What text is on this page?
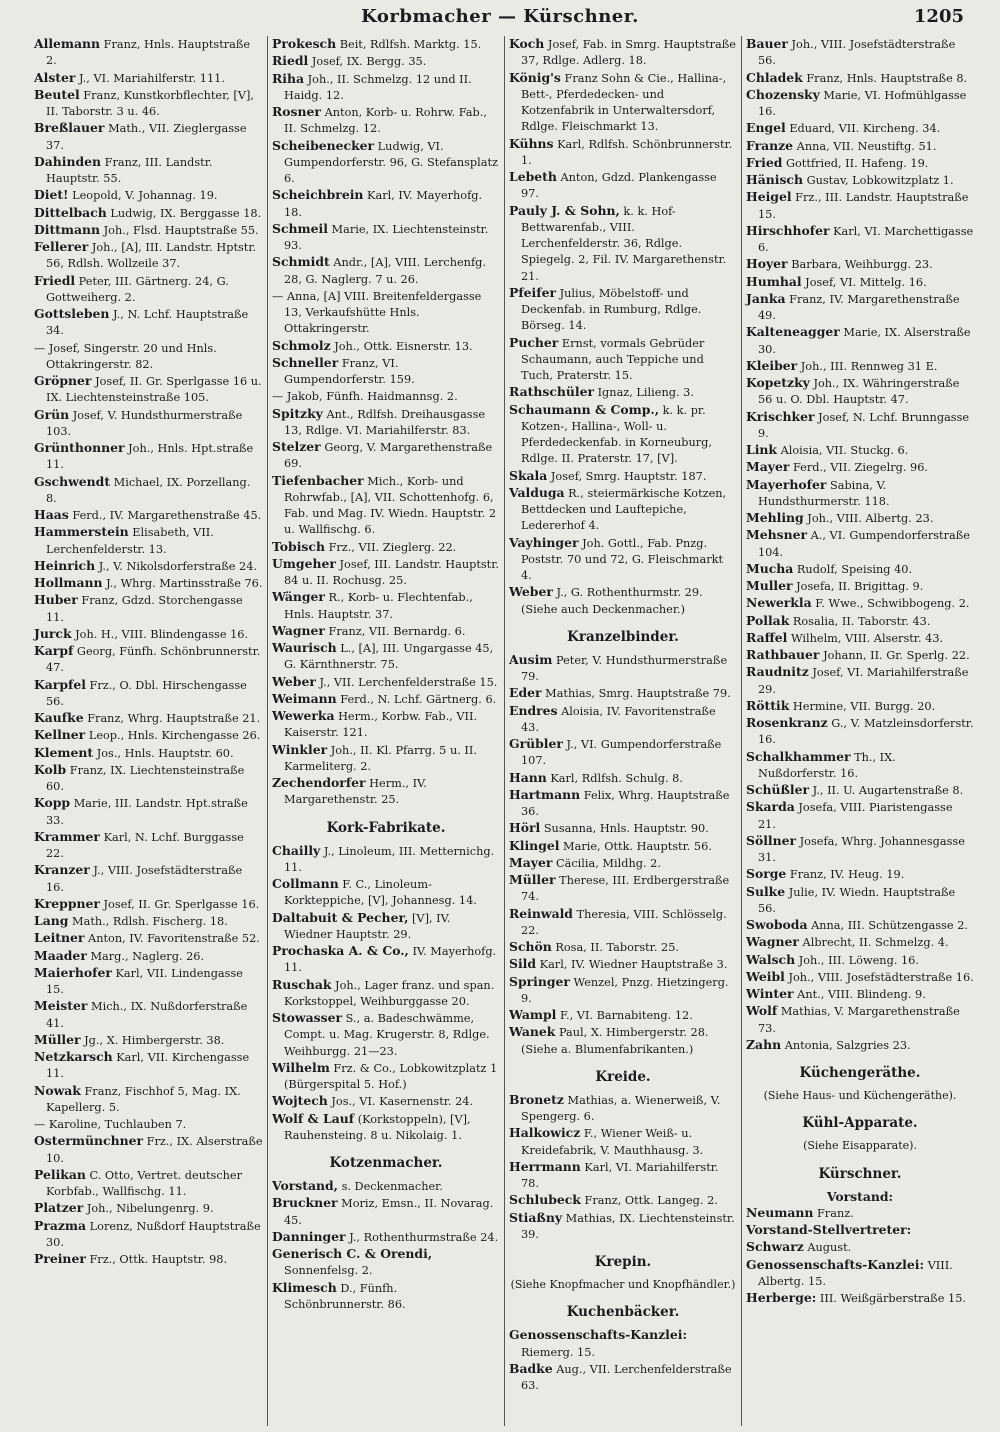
Korbmacher — Kürschner.	1205
Allemann Franz, Hnls. Hauptstraße 2.
Alster J., VI. Mariahilferstr. 111.
Beutel Franz, Kunstkorbflechter, [V], II. Taborstr. 3 u. 46.
Breßlauer Math., VII. Zieglergasse 37.
Dahinden Franz, III. Landstr. Hauptstr. 55.
Diet! Leopold, V. Johannag. 19.
Dittelbach Ludwig, IX. Berggasse 18.
Dittmann Joh., Flsd. Hauptstraße 55.
Fellerer Joh., [A], III. Landstr. Hptstr. 56, Rdlsh. Wollzeile 37.
Friedl Peter, III. Gärtnerg. 24, G. Gottweiherg. 2.
Gottsleben J., N. Lchf. Hauptstraße 34.
— Josef, Singerstr. 20 und Hnls. Ottakringerstr. 82.
Gröpner Josef, II. Gr. Sperlgasse 16 u. IX. Liechtensteinstraße 105.
Grün Josef, V. Hundsthurmerstraße 103.
Grünthonner Joh., Hnls. Hpt.straße 11.
Gschwendt Michael, IX. Porzellang. 8.
Haas Ferd., IV. Margarethenstraße 45.
Hammerstein Elisabeth, VII. Lerchenfelderstr. 13.
Heinrich J., V. Nikolsdorferstraße 24.
Hollmann J., Whrg. Martinsstraße 76.
Huber Franz, Gdzd. Storchengasse 11.
Jurck Joh. H., VIII. Blindengasse 16.
Karpf Georg, Fünfh. Schönbrunnerstr. 47.
Karpfel Frz., O. Dbl. Hirschengasse 56.
Kaufke Franz, Whrg. Hauptstraße 21.
Kellner Leop., Hnls. Kirchengasse 26.
Klement Jos., Hnls. Hauptstr. 60.
Kolb Franz, IX. Liechtensteinstraße 60.
Kopp Marie, III. Landstr. Hpt.straße 33.
Krammer Karl, N. Lchf. Burggasse 22.
Kranzer J., VIII. Josefstädterstraße 16.
Kreppner Josef, II. Gr. Sperlgasse 16.
Lang Math., Rdlsh. Fischerg. 18.
Leitner Anton, IV. Favoritenstraße 52.
Maader Marg., Naglerg. 26.
Maierhofer Karl, VII. Lindengasse 15.
Meister Mich., IX. Nußdorferstraße 41.
Müller Jg., X. Himbergerstr. 38.
Netzkarsch Karl, VII. Kirchengasse 11.
Nowak Franz, Fischhof 5, Mag. IX. Kapellerg. 5.
— Karoline, Tuchlauben 7.
Ostermünchner Frz., IX. Alserstraße 10.
Pelikan C. Otto, Vertret. deutscher Korbfab., Wallfischg. 11.
Platzer Joh., Nibelungenrg. 9.
Prazma Lorenz, Nußdorf Hauptstraße 30.
Preiner Frz., Ottk. Hauptstr. 98.
Prokesch Beit, Rdlfsh. Marktg. 15.
Riedl Josef, IX. Bergg. 35.
Riha Joh., II. Schmelzg. 12 und II. Haidg. 12.
Rosner Anton, Korb- u. Rohrw. Fab., II. Schmelzg. 12.
Scheibenecker Ludwig, VI. Gumpendorferstr. 96, G. Stefansplatz 6.
Scheichbrein Karl, IV. Mayerhofg. 18.
Schmeil Marie, IX. Liechtensteinstr. 93.
Schmidt Andr., [A], VIII. Lerchenfg. 28, G. Naglerg. 7 u. 26.
— Anna, [A] VIII. Breitenfeldergasse 13, Verkaufshütte Hnls. Ottakringerstr.
Schmolz Joh., Ottk. Eisnerstr. 13.
Schneller Franz, VI. Gumpendorferstr. 159.
— Jakob, Fünfh. Haidmannsg. 2.
Spitzky Ant., Rdlfsh. Dreihausgasse 13, Rdlge. VI. Mariahilferstr. 83.
Stelzer Georg, V. Margarethenstraße 69.
Tiefenbacher Mich., Korb- und Rohrwfab., [A], VII. Schottenhofg. 6, Fab. und Mag. IV. Wiedn. Hauptstr. 2 u. Wallfischg. 6.
Tobisch Frz., VII. Zieglerg. 22.
Umgeher Josef, III. Landstr. Hauptstr. 84 u. II. Rochusg. 25.
Wänger R., Korb- u. Flechtenfab., Hnls. Hauptstr. 37.
Wagner Franz, VII. Bernardg. 6.
Waurisch L., [A], III. Ungargasse 45, G. Kärnthnerstr. 75.
Weber J., VII. Lerchenfelderstraße 15.
Weimann Ferd., N. Lchf. Gärtnerg. 6.
Wewerka Herm., Korbw. Fab., VII. Kaiserstr. 121.
Winkler Joh., II. Kl. Pfarrg. 5 u. II. Karmeliterg. 2.
Zechendorfer Herm., IV. Margarethenstr. 25.
Kork-Fabrikate.
Chailly J., Linoleum, III. Metternichg. 11.
Collmann F. C., Linoleum-Korkteppiche, [V], Johannesg. 14.
Daltabuit & Pecher, [V], IV. Wiedner Hauptstr. 29.
Prochaska A. & Co., IV. Mayerhofg. 11.
Ruschak Joh., Lager franz. und span. Korkstoppel, Weihburggasse 20.
Stowasser S., a. Badeschwämme, Compt. u. Mag. Krugerstr. 8, Rdlge. Weihburgg. 21—23.
Wilhelm Frz. & Co., Lobkowitzplatz 1 (Bürgerspital 5. Hof.)
Wojtech Jos., VI. Kasernenstr. 24.
Wolf & Lauf (Korkstoppeln), [V], Rauhensteing. 8 u. Nikolaig. 1.
Kotzenmacher.
Vorstand, s. Deckenmacher.
Bruckner Moriz, Emsn., II. Novarag. 45.
Danninger J., Rothenthurmstraße 24.
Generisch C. & Orendi, Sonnenfelsg. 2.
Klimesch D., Fünfh. Schönbrunnerstr. 86.
Koch Josef, Fab. in Smrg. Hauptstraße 37, Rdlge. Adlerg. 18.
König's Franz Sohn & Cie., Hallina-, Bett-, Pferdedecken- und Kotzenfabrik in Unterwaltersdorf, Rdlge. Fleischmarkt 13.
Kühns Karl, Rdlfsh. Schönbrunnerstr. 1.
Lebeth Anton, Gdzd. Plankengasse 97.
Pauly J. & Sohn, k. k. Hof-Bettwarenfab., VIII. Lerchenfelderstr. 36, Rdlge. Spiegelg. 2, Fil. IV. Margarethenstr. 21.
Pfeifer Julius, Möbelstoff- und Deckenfab. in Rumburg, Rdlge. Börseg. 14.
Pucher Ernst, vormals Gebrüder Schaumann, auch Teppiche und Tuch, Praterstr. 15.
Rathschüler Ignaz, Lilieng. 3.
Schaumann & Comp., k. k. pr. Kotzen-, Hallina-, Woll- u. Pferdedeckenfab. in Korneuburg, Rdlge. II. Praterstr. 17, [V].
Skala Josef, Smrg. Hauptstr. 187.
Valduga R., steiermärkische Kotzen, Bettdecken und Lauftepiche, Ledererhof 4.
Vayhinger Joh. Gottl., Fab. Pnzg. Poststr. 70 und 72, G. Fleischmarkt 4.
Weber J., G. Rothenthurmstr. 29. (Siehe auch Deckenmacher.)
Kranzelbinder.
Ausim Peter, V. Hundsthurmerstraße 79.
Eder Mathias, Smrg. Hauptstraße 79.
Endres Aloisia, IV. Favoritenstraße 43.
Grübler J., VI. Gumpendorferstraße 107.
Hann Karl, Rdlfsh. Schulg. 8.
Hartmann Felix, Whrg. Hauptstraße 36.
Hörl Susanna, Hnls. Hauptstr. 90.
Klingel Marie, Ottk. Hauptstr. 56.
Mayer Cäcilia, Mildhg. 2.
Müller Therese, III. Erdbergerstraße 74.
Reinwald Theresia, VIII. Schlösselg. 22.
Schön Rosa, II. Taborstr. 25.
Sild Karl, IV. Wiedner Hauptstraße 3.
Springer Wenzel, Pnzg. Hietzingerg. 9.
Wampl F., VI. Barnabiteng. 12.
Wanek Paul, X. Himbergerstr. 28. (Siehe a. Blumenfabrikanten.)
Kreide.
Bronetz Mathias, a. Wienerweiß, V. Spengerg. 6.
Halkowicz F., Wiener Weiß- u. Kreidefabrik, V. Mauthhausg. 3.
Herrmann Karl, VI. Mariahilferstr. 78.
Schlubeck Franz, Ottk. Langeg. 2.
Stiaßny Mathias, IX. Liechtensteinstr. 39.
Krepin.
(Siehe Knopfmacher und Knopfhändler.)
Kuchenbäcker.
Genossenschafts-Kanzlei: Riemerg. 15.
Badke Aug., VII. Lerchenfelderstraße 63.
Bauer Joh., VIII. Josefstädterstraße 56.
Chladek Franz, Hnls. Hauptstraße 8.
Chozensky Marie, VI. Hofmühlgasse 16.
Engel Eduard, VII. Kircheng. 34.
Franze Anna, VII. Neustiftg. 51.
Fried Gottfried, II. Hafeng. 19.
Hänisch Gustav, Lobkowitzplatz 1.
Heigel Frz., III. Landstr. Hauptstraße 15.
Hirschhofer Karl, VI. Marchettigasse 6.
Hoyer Barbara, Weihburgg. 23.
Humhal Josef, VI. Mittelg. 16.
Janka Franz, IV. Margarethenstraße 49.
Kalteneagger Marie, IX. Alserstraße 30.
Kleiber Joh., III. Rennweg 31 E.
Kopetzky Joh., IX. Währingerstraße 56 u. O. Dbl. Hauptstr. 47.
Krischker Josef, N. Lchf. Brunngasse 9.
Link Aloisia, VII. Stuckg. 6.
Mayer Ferd., VII. Ziegelrg. 96.
Mayerhofer Sabina, V. Hundsthurmerstr. 118.
Mehling Joh., VIII. Albertg. 23.
Mehsner A., VI. Gumpendorferstraße 104.
Mucha Rudolf, Speising 40.
Muller Josefa, II. Brigittag. 9.
Newerkla F. Wwe., Schwibbogeng. 2.
Pollak Rosalia, II. Taborstr. 43.
Raffel Wilhelm, VIII. Alserstr. 43.
Rathbauer Johann, II. Gr. Sperlg. 22.
Raudnitz Josef, VI. Mariahilferstraße 29.
Röttik Hermine, VII. Burgg. 20.
Rosenkranz G., V. Matzleinsdorferstr. 16.
Schalkhammer Th., IX. Nußdorferstr. 16.
Schüßler J., II. U. Augartenstraße 8.
Skarda Josefa, VIII. Piaristengasse 21.
Söllner Josefa, Whrg. Johannesgasse 31.
Sorge Franz, IV. Heug. 19.
Sulke Julie, IV. Wiedn. Hauptstraße 56.
Swoboda Anna, III. Schützengasse 2.
Wagner Albrecht, II. Schmelzg. 4.
Walsch Joh., III. Löweng. 16.
Weibl Joh., VIII. Josefstädterstraße 16.
Winter Ant., VIII. Blindeng. 9.
Wolf Mathias, V. Margarethenstraße 73.
Zahn Antonia, Salzgries 23.
Küchengeräthe.
(Siehe Haus- und Küchengeräthe).
Kühl-Apparate.
(Siehe Eisapparate).
Kürschner.
Vorstand:
Neumann Franz.
Vorstand-Stellvertreter:
Schwarz August.
Genossenschafts-Kanzlei: VIII. Albertg. 15.
Herberge: III. Weißgärberstraße 15.
